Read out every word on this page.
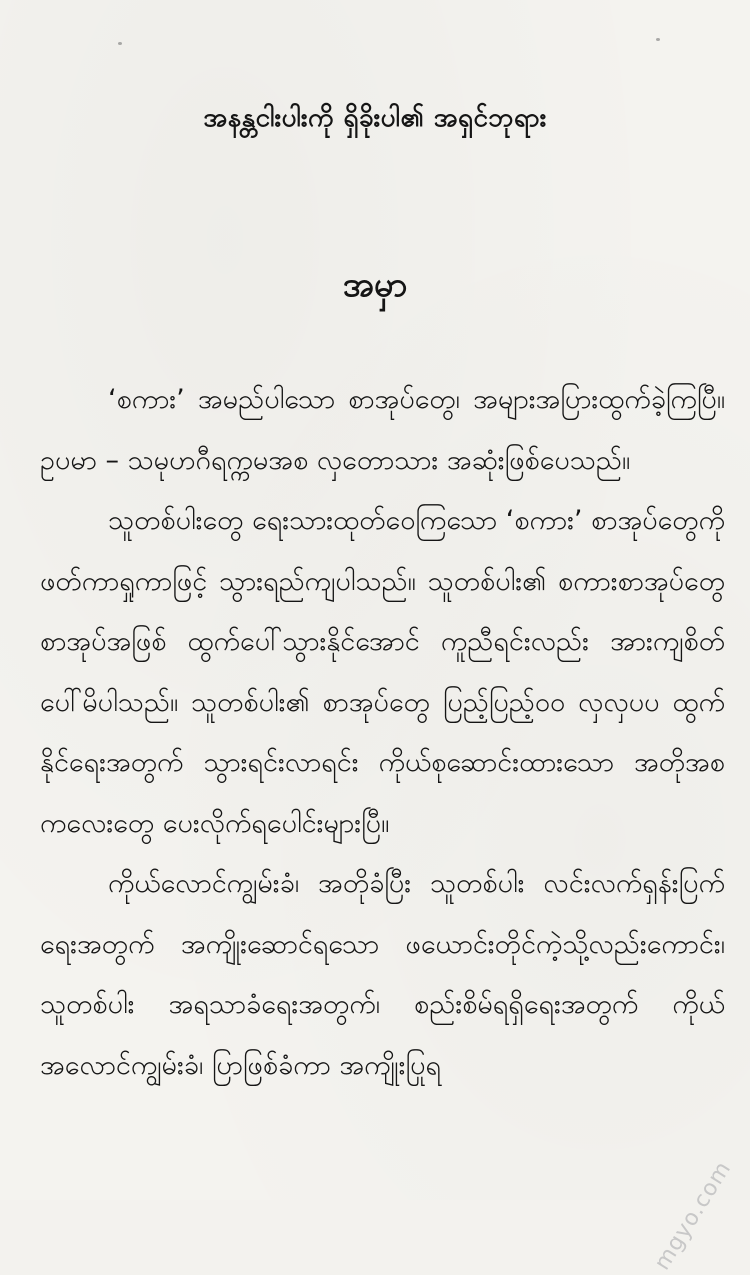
အနန္တငါးပါးကို ရှိခိုးပါ၏ အရှင်ဘုရား
အမှာ

‘စကား’ အမည်ပါသော စာအုပ်တွေ၊ အများအပြားထွက်ခဲ့ကြပြီ။ ဥပမာ – သမုဟဂီရက္ကမအစ လှတောသား အဆုံးဖြစ်ပေသည်။

သူတစ်ပါးတွေ ရေးသားထုတ်ဝေကြသော ‘စကား’ စာအုပ်တွေကို ဖတ်ကာရှုကာဖြင့် သွားရည်ကျပါသည်။ သူတစ်ပါး၏ စကားစာအုပ်တွေ စာအုပ်အဖြစ် ထွက်ပေါ်သွားနိုင်အောင် ကူညီရင်းလည်း အားကျစိတ် ပေါ်မိပါသည်။ သူတစ်ပါး၏ စာအုပ်တွေ ပြည့်ပြည့်ဝဝ လှလှပပ ထွက်နိုင်ရေးအတွက် သွားရင်းလာရင်း ကိုယ်စုဆောင်းထားသော အတိုအစကလေးတွေ ပေးလိုက်ရပေါင်းများပြီ။

ကိုယ်လောင်ကျွမ်းခံ၊ အတိုခံပြီး သူတစ်ပါး လင်းလက်ရှန်းပြက်ရေးအတွက် အကျိုးဆောင်ရသော ဖယောင်းတိုင်ကဲ့သို့လည်းကောင်း၊ သူတစ်ပါး အရသာခံရေးအတွက်၊ စည်းစိမ်ရရှိရေးအတွက် ကိုယ်အလောင်ကျွမ်းခံ၊ ပြာဖြစ်ခံကာ အကျိုးပြုရ

mgyo.com
